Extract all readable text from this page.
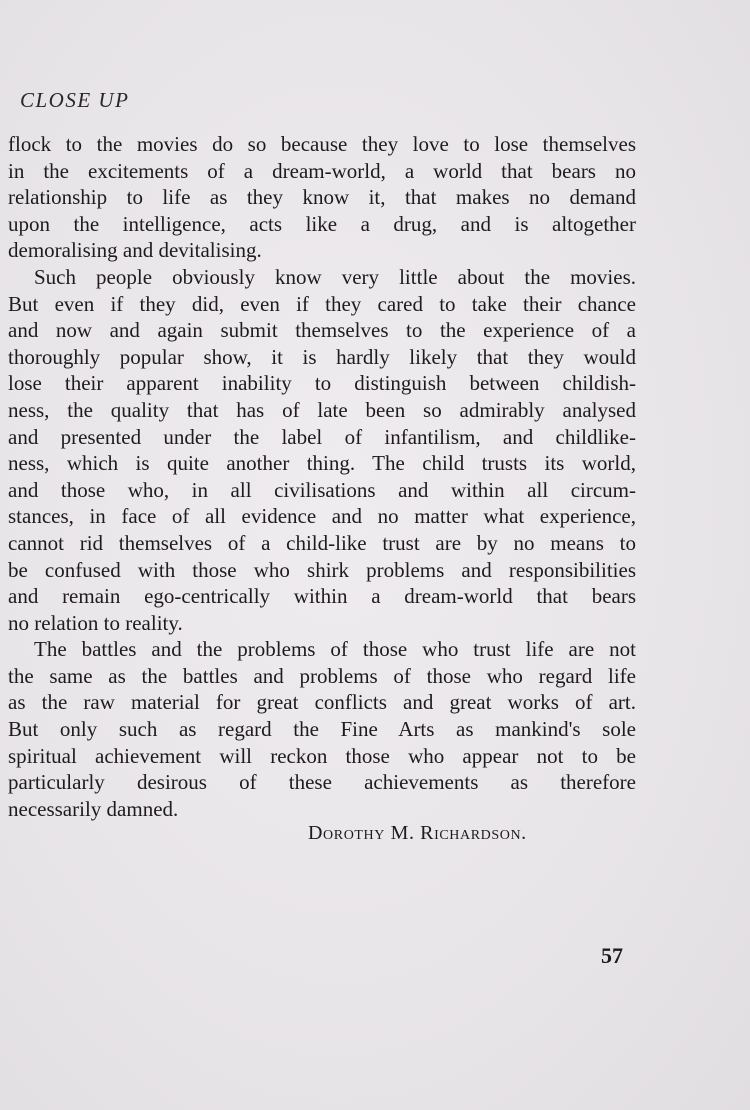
CLOSE UP
flock to the movies do so because they love to lose themselves
in the excitements of a dream-world, a world that bears no
relationship to life as they know it, that makes no demand
upon the intelligence, acts like a drug, and is altogether
demoralising and devitalising.
Such people obviously know very little about the movies.
But even if they did, even if they cared to take their chance
and now and again submit themselves to the experience of a
thoroughly popular show, it is hardly likely that they would
lose their apparent inability to distinguish between childish-
ness, the quality that has of late been so admirably analysed
and presented under the label of infantilism, and childlike-
ness, which is quite another thing. The child trusts its world,
and those who, in all civilisations and within all circum-
stances, in face of all evidence and no matter what experience,
cannot rid themselves of a child-like trust are by no means to
be confused with those who shirk problems and responsibilities
and remain ego-centrically within a dream-world that bears
no relation to reality.
The battles and the problems of those who trust life are not
the same as the battles and problems of those who regard life
as the raw material for great conflicts and great works of art.
But only such as regard the Fine Arts as mankind's sole
spiritual achievement will reckon those who appear not to be
particularly desirous of these achievements as therefore
necessarily damned.
Dorothy M. Richardson.
57
